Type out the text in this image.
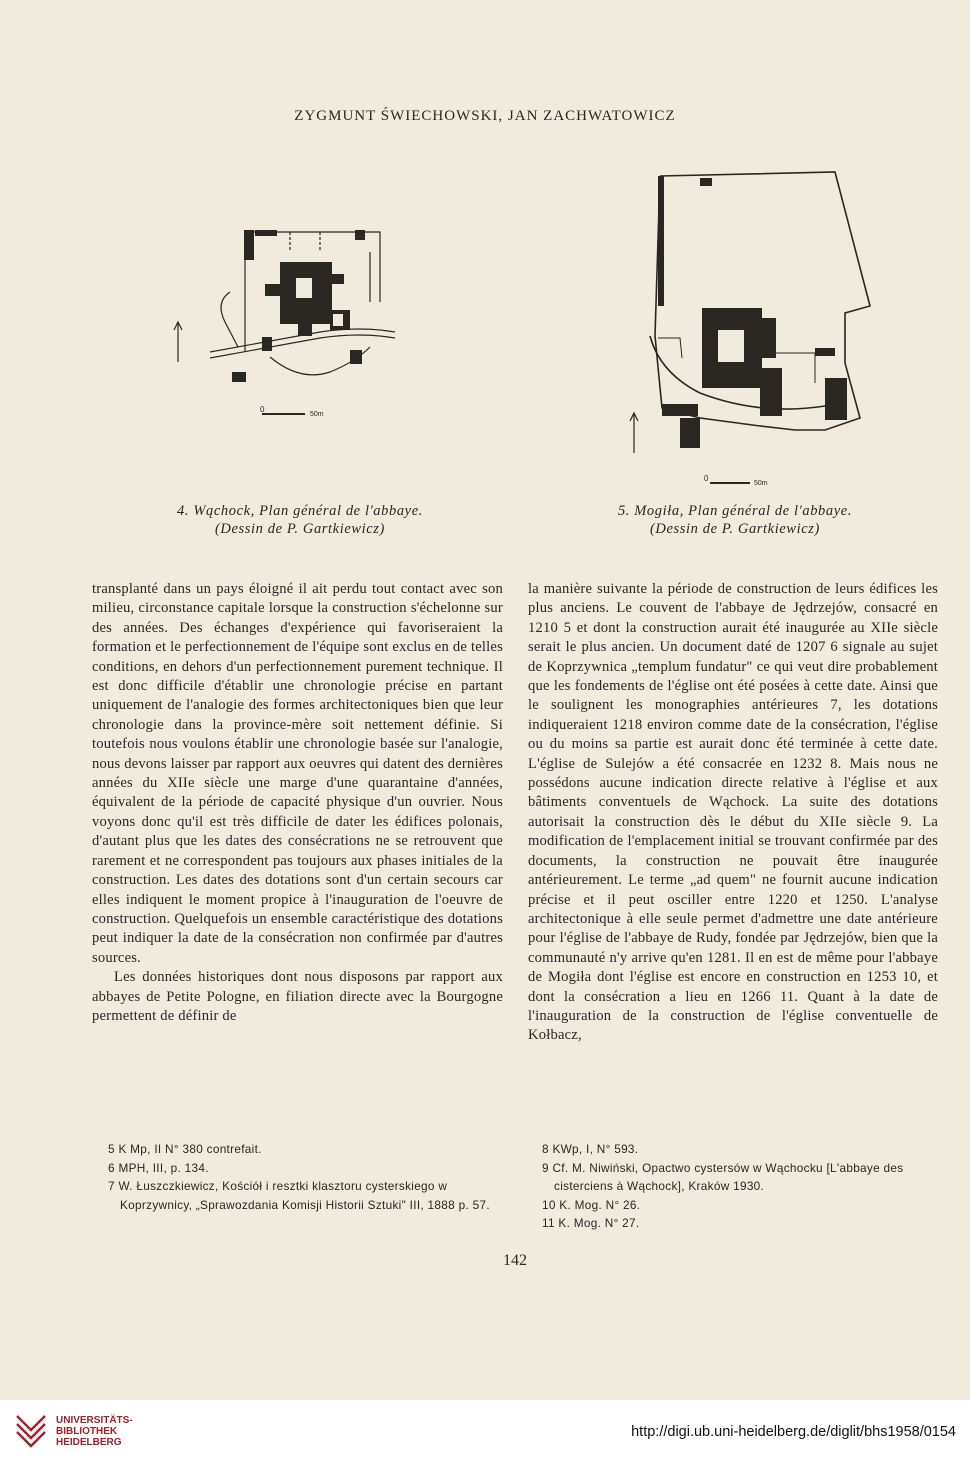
ZYGMUNT ŚWIECHOWSKI, JAN ZACHWATOWICZ
0
50m
0
50m
4. Wąchock, Plan général de l'abbaye.
(Dessin de P. Gartkiewicz)
5. Mogiła, Plan général de l'abbaye.
(Dessin de P. Gartkiewicz)

transplanté dans un pays éloigné il ait perdu tout contact avec son milieu, circonstance capitale lorsque la construction s'échelonne sur des années. Des échanges d'expérience qui favoriseraient la formation et le perfectionnement de l'équipe sont exclus en de telles conditions, en dehors d'un perfectionnement purement technique. Il est donc difficile d'établir une chronologie précise en partant uniquement de l'analogie des formes architectoniques bien que leur chronologie dans la province-mère soit nettement définie. Si toutefois nous voulons établir une chronologie basée sur l'analogie, nous devons laisser par rapport aux oeuvres qui datent des dernières années du XIIe siècle une marge d'une quarantaine d'années, équivalent de la période de capacité physique d'un ouvrier. Nous voyons donc qu'il est très difficile de dater les édifices polonais, d'autant plus que les dates des consécrations ne se retrouvent que rarement et ne correspondent pas toujours aux phases initiales de la construction. Les dates des dotations sont d'un certain secours car elles indiquent le moment propice à l'inauguration de l'oeuvre de construction. Quelquefois un ensemble caractéristique des dotations peut indiquer la date de la consécration non confirmée par d'autres sources.

Les données historiques dont nous disposons par rapport aux abbayes de Petite Pologne, en filiation directe avec la Bourgogne permettent de définir de

la manière suivante la période de construction de leurs édifices les plus anciens. Le couvent de l'abbaye de Jędrzejów, consacré en 1210 5 et dont la construction aurait été inaugurée au XIIe siècle serait le plus ancien. Un document daté de 1207 6 signale au sujet de Koprzywnica „templum fundatur" ce qui veut dire probablement que les fondements de l'église ont été posées à cette date. Ainsi que le soulignent les monographies antérieures 7, les dotations indiqueraient 1218 environ comme date de la consécration, l'église ou du moins sa partie est aurait donc été terminée à cette date. L'église de Sulejów a été consacrée en 1232 8. Mais nous ne possédons aucune indication directe relative à l'église et aux bâtiments conventuels de Wąchock. La suite des dotations autorisait la construction dès le début du XIIe siècle 9. La modification de l'emplacement initial se trouvant confirmée par des documents, la construction ne pouvait être inaugurée antérieurement. Le terme „ad quem" ne fournit aucune indication précise et il peut osciller entre 1220 et 1250. L'analyse architectonique à elle seule permet d'admettre une date antérieure pour l'église de l'abbaye de Rudy, fondée par Jędrzejów, bien que la communauté n'y arrive qu'en 1281. Il en est de même pour l'abbaye de Mogiła dont l'église est encore en construction en 1253 10, et dont la consécration a lieu en 1266 11. Quant à la date de l'inauguration de la construction de l'église conventuelle de Kołbacz,

5 K Mp, II N° 380 contrefait.
6 MPH, III, p. 134.
7 W. Łuszczkiewicz, Kościół i resztki klasztoru cysterskiego w Koprzywnicy, „Sprawozdania Komisji Historii Sztuki" III, 1888 p. 57.
8 KWp, I, N° 593.
9 Cf. M. Niwiński, Opactwo cystersów w Wąchocku [L'abbaye des cisterciens à Wąchock], Kraków 1930.
10 K. Mog. N° 26.
11 K. Mog. N° 27.
142
UNIVERSITÄTS-
BIBLIOTHEK
HEIDELBERG
http://digi.ub.uni-heidelberg.de/diglit/bhs1958/0154
